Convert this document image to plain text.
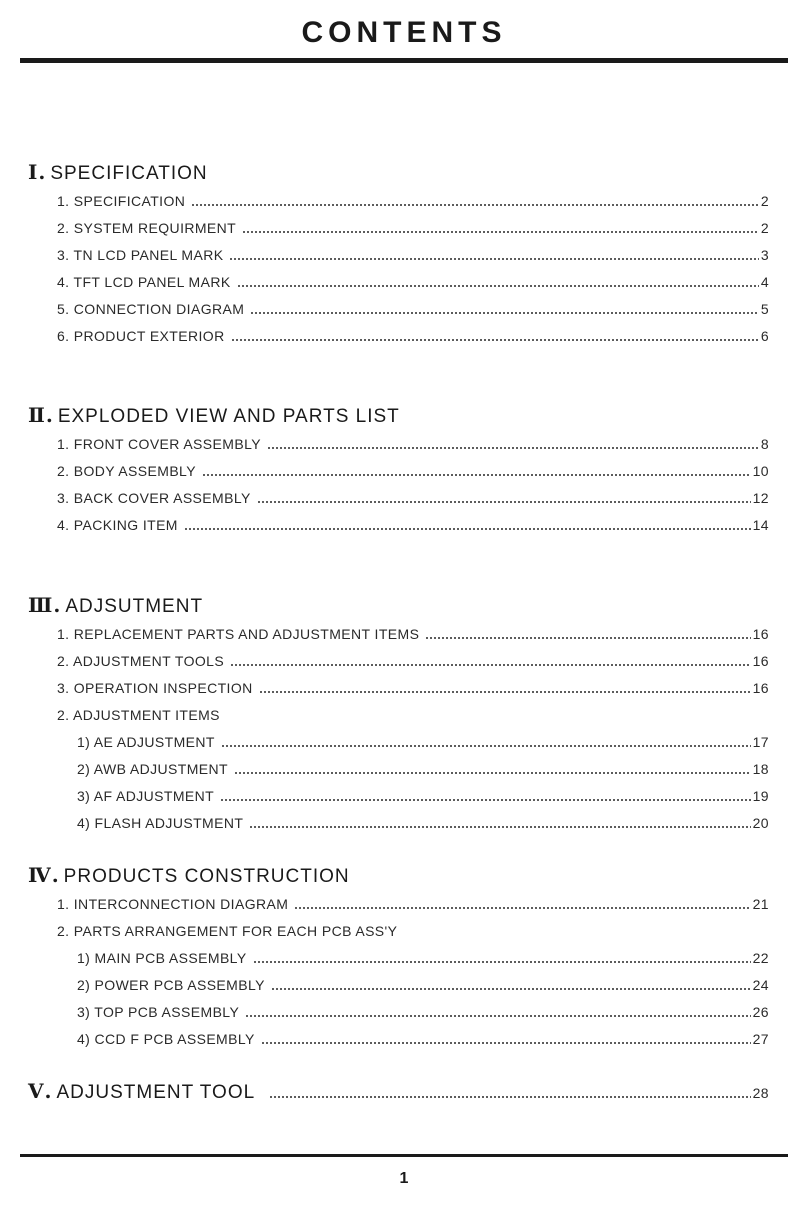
CONTENTS
Ⅰ. SPECIFICATION
1. SPECIFICATION	2
2. SYSTEM REQUIRMENT	2
3. TN LCD PANEL MARK	3
4. TFT LCD PANEL MARK	4
5. CONNECTION DIAGRAM	5
6. PRODUCT EXTERIOR	6
Ⅱ. EXPLODED VIEW AND PARTS LIST
1. FRONT COVER ASSEMBLY	8
2. BODY ASSEMBLY	10
3. BACK COVER ASSEMBLY	12
4. PACKING ITEM	14
Ⅲ. ADJSUTMENT
1. REPLACEMENT PARTS AND ADJUSTMENT ITEMS	16
2. ADJUSTMENT TOOLS	16
3. OPERATION INSPECTION	16
2. ADJUSTMENT ITEMS
1) AE ADJUSTMENT	17
2) AWB ADJUSTMENT	18
3) AF ADJUSTMENT	19
4) FLASH ADJUSTMENT	20
Ⅳ. PRODUCTS CONSTRUCTION
1. INTERCONNECTION DIAGRAM	21
2. PARTS ARRANGEMENT FOR EACH PCB ASS'Y
1) MAIN PCB ASSEMBLY	22
2) POWER PCB ASSEMBLY	24
3) TOP PCB ASSEMBLY	26
4) CCD F PCB ASSEMBLY	27
Ⅴ. ADJUSTMENT TOOL	28
1
